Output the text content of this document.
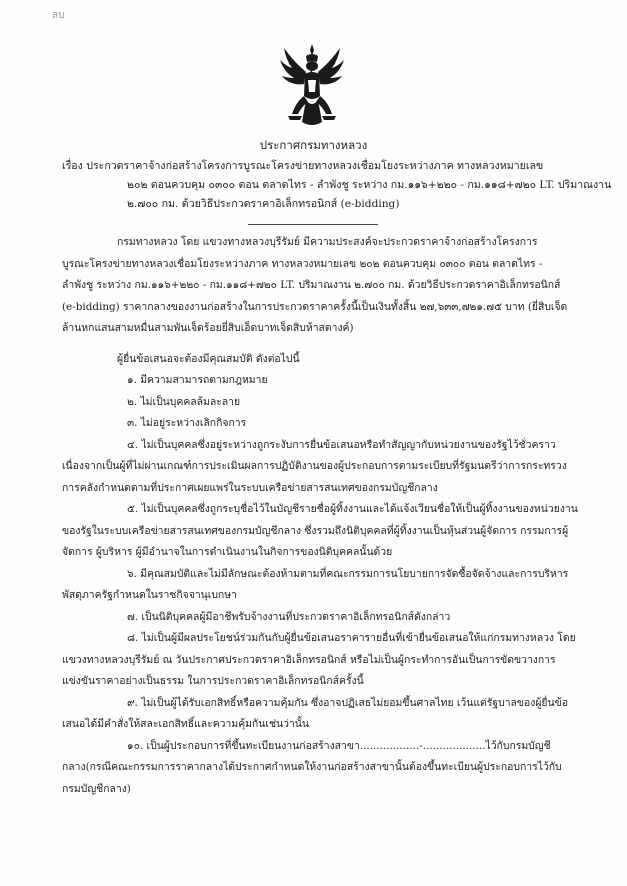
ลบ
ประกาศกรมทางหลวง
เรื่อง ประกวดราคาจ้างก่อสร้างโครงการบูรณะโครงข่ายทางหลวงเชื่อมโยงระหว่างภาค ทางหลวงหมายเลข
๒๐๒ ตอนควบคุม ๐๓๐๐ ตอน ตลาดไทร - ลำพังชู ระหว่าง กม.๑๑๖+๒๒๐ - กม.๑๑๘+๗๒๐ LT. ปริมาณงาน
๒.๗๐๐ กม. ด้วยวิธีประกวดราคาอิเล็กทรอนิกส์ (e-bidding)
กรมทางหลวง โดย แขวงทางหลวงบุรีรัมย์ มีความประสงค์จะประกวดราคาจ้างก่อสร้างโครงการ
บูรณะโครงข่ายทางหลวงเชื่อมโยงระหว่างภาค ทางหลวงหมายเลข ๒๐๒ ตอนควบคุม ๐๓๐๐ ตอน ตลาดไทร -
ลำพังชู ระหว่าง กม.๑๑๖+๒๒๐ - กม.๑๑๘+๗๒๐ LT. ปริมาณงาน ๒.๗๐๐ กม. ด้วยวิธีประกวดราคาอิเล็กทรอนิกส์
(e-bidding) ราคากลางของงานก่อสร้างในการประกวดราคาครั้งนี้เป็นเงินทั้งสิ้น ๒๗,๖๓๓,๗๒๑.๗๕ บาท (ยี่สิบเจ็ด
ล้านหกแสนสามหมื่นสามพันเจ็ดร้อยยี่สิบเอ็ดบาทเจ็ดสิบห้าสตางค์)
ผู้ยื่นข้อเสนอจะต้องมีคุณสมบัติ ดังต่อไปนี้
๑. มีความสามารถตามกฎหมาย
๒. ไม่เป็นบุคคลล้มละลาย
๓. ไม่อยู่ระหว่างเลิกกิจการ
๔. ไม่เป็นบุคคลซึ่งอยู่ระหว่างถูกระงับการยื่นข้อเสนอหรือทำสัญญากับหน่วยงานของรัฐไว้ชั่วคราว
เนื่องจากเป็นผู้ที่ไม่ผ่านเกณฑ์การประเมินผลการปฏิบัติงานของผู้ประกอบการตามระเบียบที่รัฐมนตรีว่าการกระทรวง
การคลังกำหนดตามที่ประกาศเผยแพร่ในระบบเครือข่ายสารสนเทศของกรมบัญชีกลาง
๕. ไม่เป็นบุคคลซึ่งถูกระบุชื่อไว้ในบัญชีรายชื่อผู้ทิ้งงานและได้แจ้งเวียนชื่อให้เป็นผู้ทิ้งงานของหน่วยงาน
ของรัฐในระบบเครือข่ายสารสนเทศของกรมบัญชีกลาง ซึ่งรวมถึงนิติบุคคลที่ผู้ทิ้งงานเป็นหุ้นส่วนผู้จัดการ กรรมการผู้
จัดการ ผู้บริหาร ผู้มีอำนาจในการดำเนินงานในกิจการของนิติบุคคลนั้นด้วย
๖. มีคุณสมบัติและไม่มีลักษณะต้องห้ามตามที่คณะกรรมการนโยบายการจัดซื้อจัดจ้างและการบริหาร
พัสดุภาครัฐกำหนดในราชกิจจานุเบกษา
๗. เป็นนิติบุคคลผู้มีอาชีพรับจ้างงานที่ประกวดราคาอิเล็กทรอนิกส์ดังกล่าว
๘. ไม่เป็นผู้มีผลประโยชน์ร่วมกันกับผู้ยื่นข้อเสนอราคารายอื่นที่เข้ายื่นข้อเสนอให้แก่กรมทางหลวง โดย
แขวงทางหลวงบุรีรัมย์ ณ วันประกาศประกวดราคาอิเล็กทรอนิกส์ หรือไม่เป็นผู้กระทำการอันเป็นการขัดขวางการ
แข่งขันราคาอย่างเป็นธรรม ในการประกวดราคาอิเล็กทรอนิกส์ครั้งนี้
๙. ไม่เป็นผู้ได้รับเอกสิทธิ์หรือความคุ้มกัน ซึ่งอาจปฏิเสธไม่ยอมขึ้นศาลไทย เว้นแต่รัฐบาลของผู้ยื่นข้อ
เสนอได้มีคำสั่งให้สละเอกสิทธิ์และความคุ้มกันเช่นว่านั้น
๑๐. เป็นผู้ประกอบการที่ขึ้นทะเบียนงานก่อสร้างสาขา..................-...................ไว้กับกรมบัญชี
กลาง(กรณีคณะกรรมการราคากลางได้ประกาศกำหนดให้งานก่อสร้างสาขานั้นต้องขึ้นทะเบียนผู้ประกอบการไว้กับ
กรมบัญชีกลาง)
